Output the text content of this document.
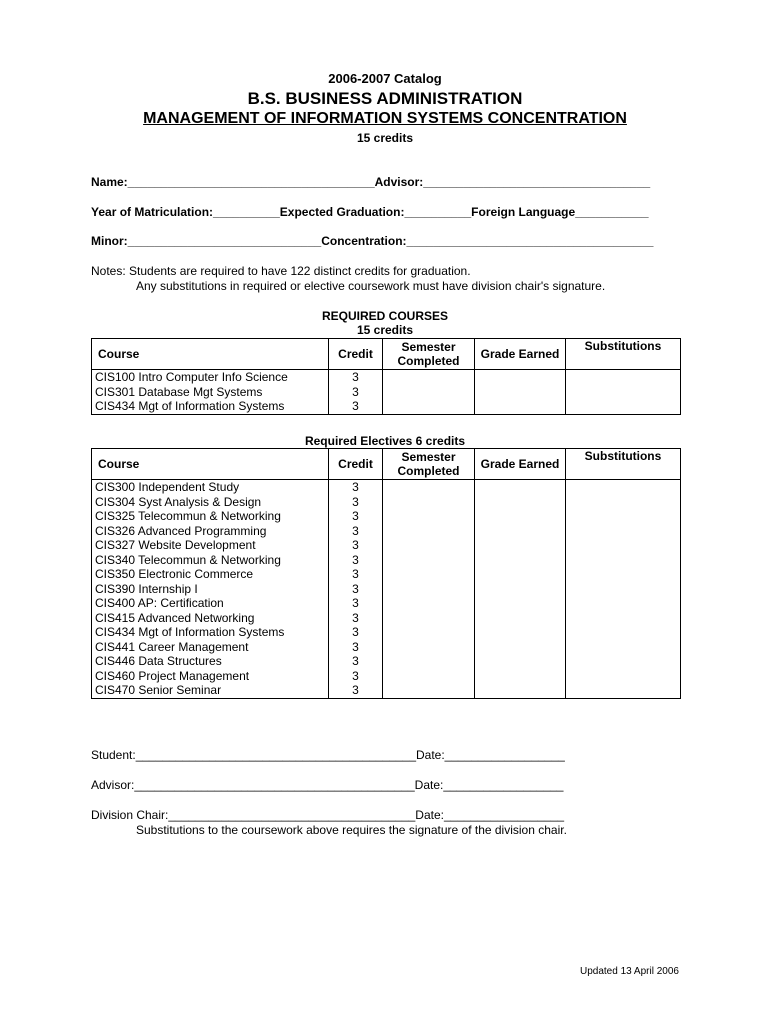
2006-2007 Catalog
B.S. BUSINESS ADMINISTRATION
MANAGEMENT OF INFORMATION SYSTEMS CONCENTRATION
15 credits
Name:_____________________________________Advisor:__________________________________
Year of Matriculation:__________Expected Graduation:__________Foreign Language___________
Minor:_____________________________Concentration:_____________________________________
Notes: Students are required to have 122 distinct credits for graduation.
Any substitutions in required or elective coursework must have division chair's signature.
REQUIRED COURSES
15 credits
Course	Credit	Semester Completed	Grade Earned	Substitutions
CIS100 Intro Computer Info Science	3			
CIS301 Database Mgt Systems	3			
CIS434 Mgt of Information Systems	3			
Required Electives 6 credits
Course	Credit	Semester Completed	Grade Earned	Substitutions
CIS300 Independent Study	3			
CIS304 Syst Analysis & Design	3			
CIS325 Telecommun & Networking	3			
CIS326 Advanced Programming	3			
CIS327 Website Development	3			
CIS340 Telecommun & Networking	3			
CIS350 Electronic Commerce	3			
CIS390 Internship I	3			
CIS400 AP: Certification	3			
CIS415 Advanced Networking	3			
CIS434 Mgt of Information Systems	3			
CIS441 Career Management	3			
CIS446 Data Structures	3			
CIS460 Project Management	3			
CIS470 Senior Seminar	3			
Student:__________________________________________Date:__________________
Advisor:__________________________________________Date:__________________
Division Chair:_____________________________________Date:__________________
Substitutions to the coursework above requires the signature of the division chair.
Updated 13 April 2006
